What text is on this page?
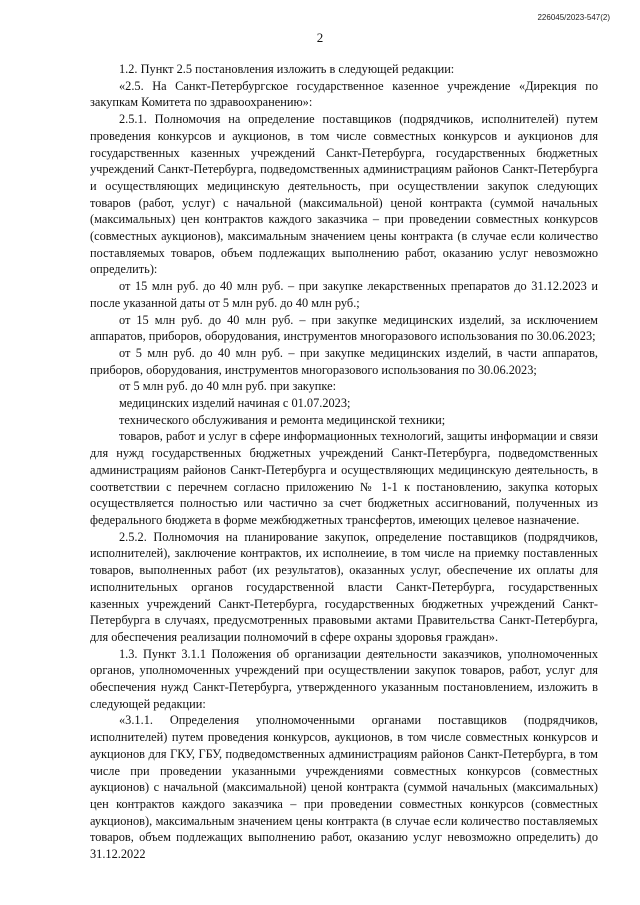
226045/2023-547(2)
2

1.2. Пункт 2.5 постановления изложить в следующей редакции:

«2.5. На Санкт-Петербургское государственное казенное учреждение «Дирекция по закупкам Комитета по здравоохранению»:

2.5.1. Полномочия на определение поставщиков (подрядчиков, исполнителей) путем проведения конкурсов и аукционов, в том числе совместных конкурсов и аукционов для государственных казенных учреждений Санкт-Петербурга, государственных бюджетных учреждений Санкт-Петербурга, подведомственных администрациям районов Санкт-Петербурга и осуществляющих медицинскую деятельность, при осуществлении закупок следующих товаров (работ, услуг) с начальной (максимальной) ценой контракта (суммой начальных (максимальных) цен контрактов каждого заказчика – при проведении совместных конкурсов (совместных аукционов), максимальным значением цены контракта (в случае если количество поставляемых товаров, объем подлежащих выполнению работ, оказанию услуг невозможно определить):

от 15 млн руб. до 40 млн руб. – при закупке лекарственных препаратов до 31.12.2023 и после указанной даты от 5 млн руб. до 40 млн руб.;

от 15 млн руб. до 40 млн руб. – при закупке медицинских изделий, за исключением аппаратов, приборов, оборудования, инструментов многоразового использования по 30.06.2023;

от 5 млн руб. до 40 млн руб. – при закупке медицинских изделий, в части аппаратов, приборов, оборудования, инструментов многоразового использования по 30.06.2023;

от 5 млн руб. до 40 млн руб. при закупке:

медицинских изделий начиная с 01.07.2023;

технического обслуживания и ремонта медицинской техники;

товаров, работ и услуг в сфере информационных технологий, защиты информации и связи для нужд государственных бюджетных учреждений Санкт-Петербурга, подведомственных администрациям районов Санкт-Петербурга и осуществляющих медицинскую деятельность, в соответствии с перечнем согласно приложению № 1-1 к постановлению, закупка которых осуществляется полностью или частично за счет бюджетных ассигнований, полученных из федерального бюджета в форме межбюджетных трансфертов, имеющих целевое назначение.

2.5.2. Полномочия на планирование закупок, определение поставщиков (подрядчиков, исполнителей), заключение контрактов, их исполнеиие, в том числе на приемку поставленных товаров, выполненных работ (их результатов), оказанных услуг, обеспечение их оплаты для исполнительных органов государственной власти Санкт-Петербурга, государственных казенных учреждений Санкт-Петербурга, государственных бюджетных учреждений Санкт-Петербурга в случаях, предусмотренных правовыми актами Правительства Санкт-Петербурга, для обеспечения реализации полномочий в сфере охраны здоровья граждан».

1.3. Пункт 3.1.1 Положения об организации деятельности заказчиков, уполномоченных органов, уполномоченных учреждений при осуществлении закупок товаров, работ, услуг для обеспечения нужд Санкт-Петербурга, утвержденного указанным постановлением, изложить в следующей редакции:

«3.1.1. Определения уполномоченными органами поставщиков (подрядчиков, исполнителей) путем проведения конкурсов, аукционов, в том числе совместных конкурсов и аукционов для ГКУ, ГБУ, подведомственных администрациям районов Санкт-Петербурга, в том числе при проведении указанными учреждениями совместных конкурсов (совместных аукционов) с начальной (максимальной) ценой контракта (суммой начальных (максимальных) цен контрактов каждого заказчика – при проведении совместных конкурсов (совместных аукционов), максимальным значением цены контракта (в случае если количество поставляемых товаров, объем подлежащих выполнению работ, оказанию услуг невозможно определить) до 31.12.2022
